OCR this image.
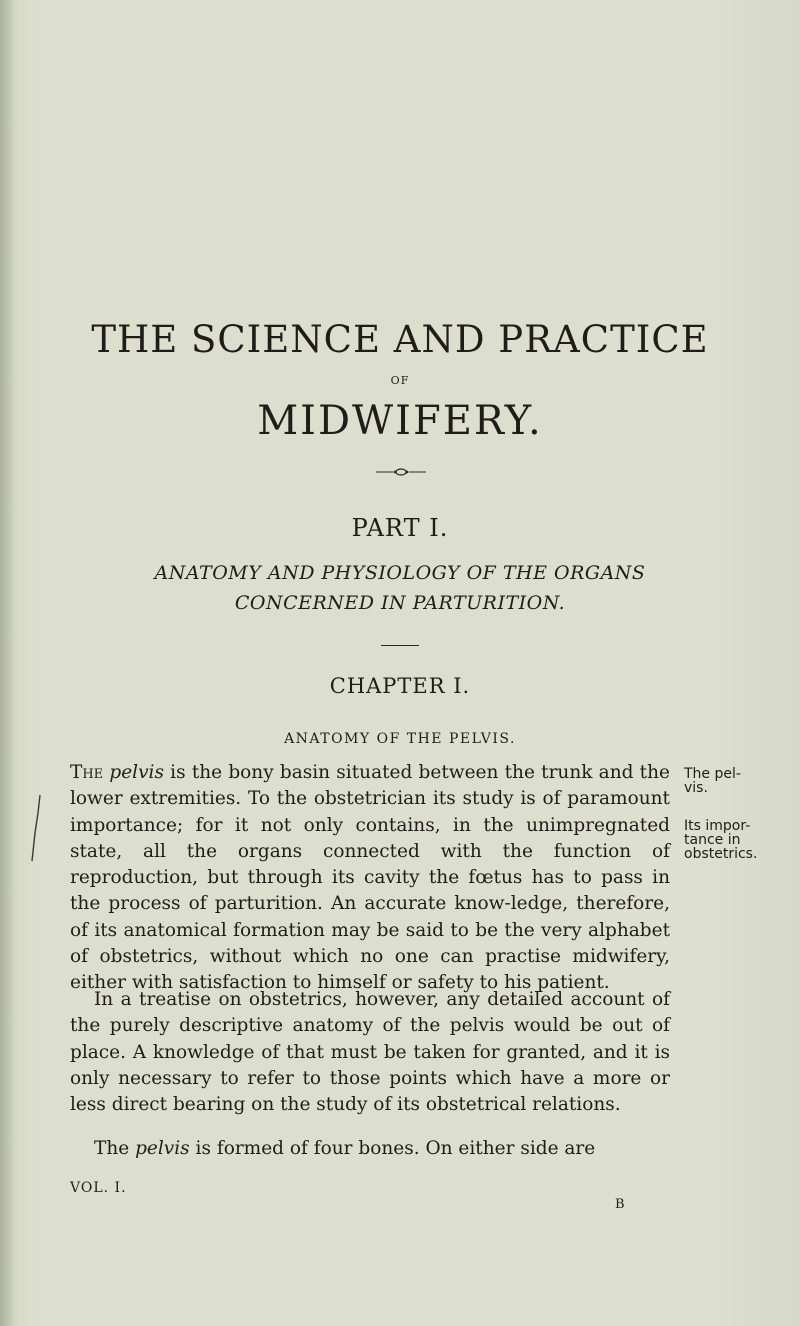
THE SCIENCE AND PRACTICE
OF
MIDWIFERY.
PART I.
ANATOMY AND PHYSIOLOGY OF THE ORGANS
CONCERNED IN PARTURITION.
CHAPTER I.
ANATOMY OF THE PELVIS.

The pelvis is the bony basin situated between the trunk and the lower extremities. To the obstetrician its study is of paramount importance; for it not only contains, in the unimpregnated state, all the organs connected with the function of reproduction, but through its cavity the fœtus has to pass in the process of parturition. An accurate know-ledge, therefore, of its anatomical formation may be said to be the very alphabet of obstetrics, without which no one can practise midwifery, either with satisfaction to himself or safety to his patient.

In a treatise on obstetrics, however, any detailed account of the purely descriptive anatomy of the pelvis would be out of place. A knowledge of that must be taken for granted, and it is only necessary to refer to those points which have a more or less direct bearing on the study of its obstetrical relations.

The pelvis is formed of four bones. On either side are

The pel-
vis.
Its impor-
tance in
obstetrics.
VOL. I.
B
